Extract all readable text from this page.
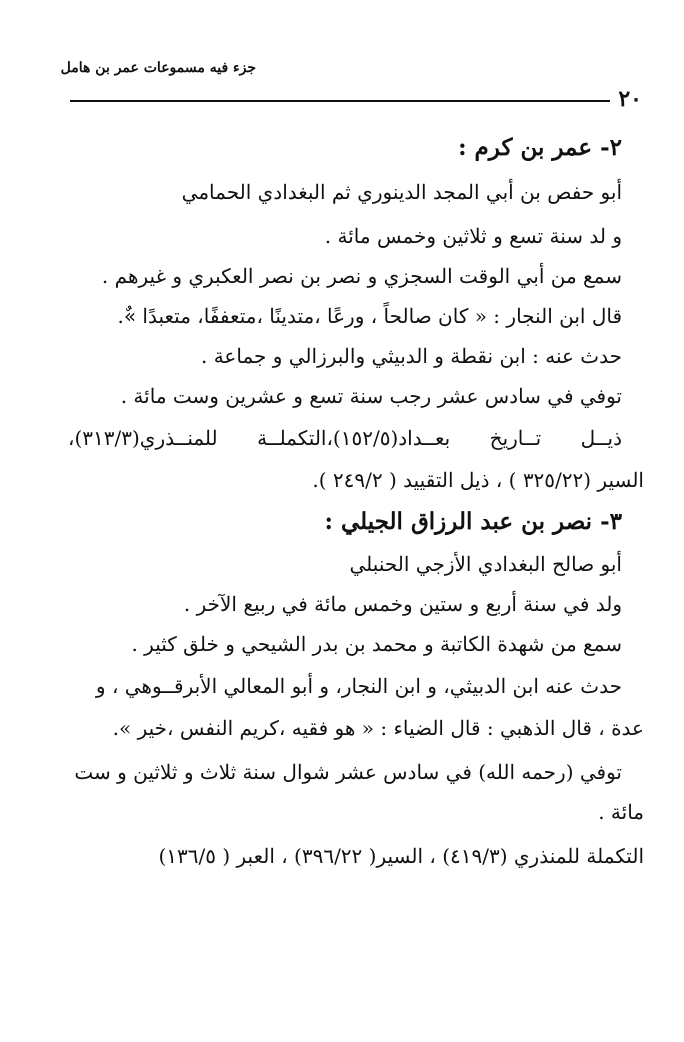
جزء فيه مسموعات عمر بن هامل
٢٠
٢- عمر بن كرم :
أبو حفص بن أبي المجد الدينوري ثم البغدادي الحمامي
و لد سنة تسع و ثلاثين وخمس مائة .
سمع من أبي الوقت السجزي و نصر بن نصر العكبري و غيرهم .
قال ابن النجار : « كان صالحاً ، ورعًا ،متدينًا ،متعففًا، متعبدًا »ٌ.
حدث عنه : ابن نقطة و الدبيثي والبرزالي و جماعة .
توفي في سادس عشر رجب سنة تسع و عشرين وست مائة .
ذيــل تــاريخ بعــداد(١٥٢/٥)،التكملــة للمنــذري(٣١٣/٣)،
السير (٣٢٥/٢٢ ) ، ذيل التقييد ( ٢٤٩/٢ ).
٣- نصر بن عبد الرزاق الجيلي :
أبو صالح البغدادي الأزجي الحنبلي
ولد في سنة أربع و ستين وخمس مائة في ربيع الآخر .
سمع من شهدة الكاتبة و محمد بن بدر الشيحي و خلق كثير .
حدث عنه ابن الدبيثي، و ابن النجار، و أبو المعالي الأبرقــوهي ، و
عدة ، قال الذهبي : قال الضياء : « هو فقيه ،كريم النفس ،خير ».
توفي (رحمه الله) في سادس عشر شوال سنة ثلاث و ثلاثين و ست
مائة .
التكملة للمنذري (٤١٩/٣) ، السير( ٣٩٦/٢٢) ، العبر ( ١٣٦/٥)
